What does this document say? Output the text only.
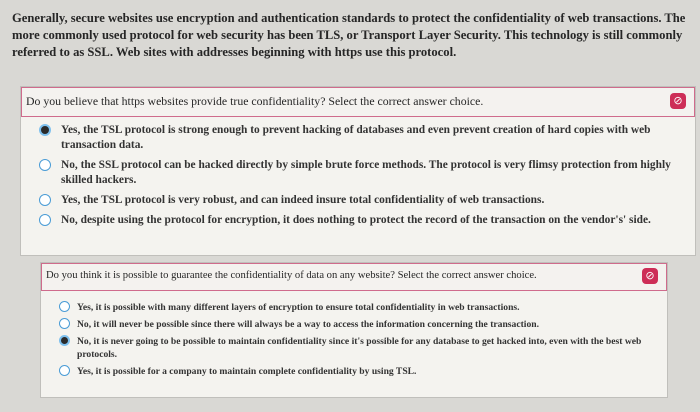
Generally, secure websites use encryption and authentication standards to protect the confidentiality of web transactions. The more commonly used protocol for web security has been TLS, or Transport Layer Security. This technology is still commonly referred to as SSL. Web sites with addresses beginning with https use this protocol.
Do you believe that https websites provide true confidentiality? Select the correct answer choice.	⊘
Yes, the TSL protocol is strong enough to prevent hacking of databases and even prevent creation of hard copies with web transaction data.
No, the SSL protocol can be hacked directly by simple brute force methods. The protocol is very flimsy protection from highly skilled hackers.
Yes, the TSL protocol is very robust, and can indeed insure total confidentiality of web transactions.
No, despite using the protocol for encryption, it does nothing to protect the record of the transaction on the vendor's' side.
Do you think it is possible to guarantee the confidentiality of data on any website? Select the correct answer choice.	⊘
Yes, it is possible with many different layers of encryption to ensure total confidentiality in web transactions.
No, it will never be possible since there will always be a way to access the information concerning the transaction.
No, it is never going to be possible to maintain confidentiality since it's possible for any database to get hacked into, even with the best web protocols.
Yes, it is possible for a company to maintain complete confidentiality by using TSL.
